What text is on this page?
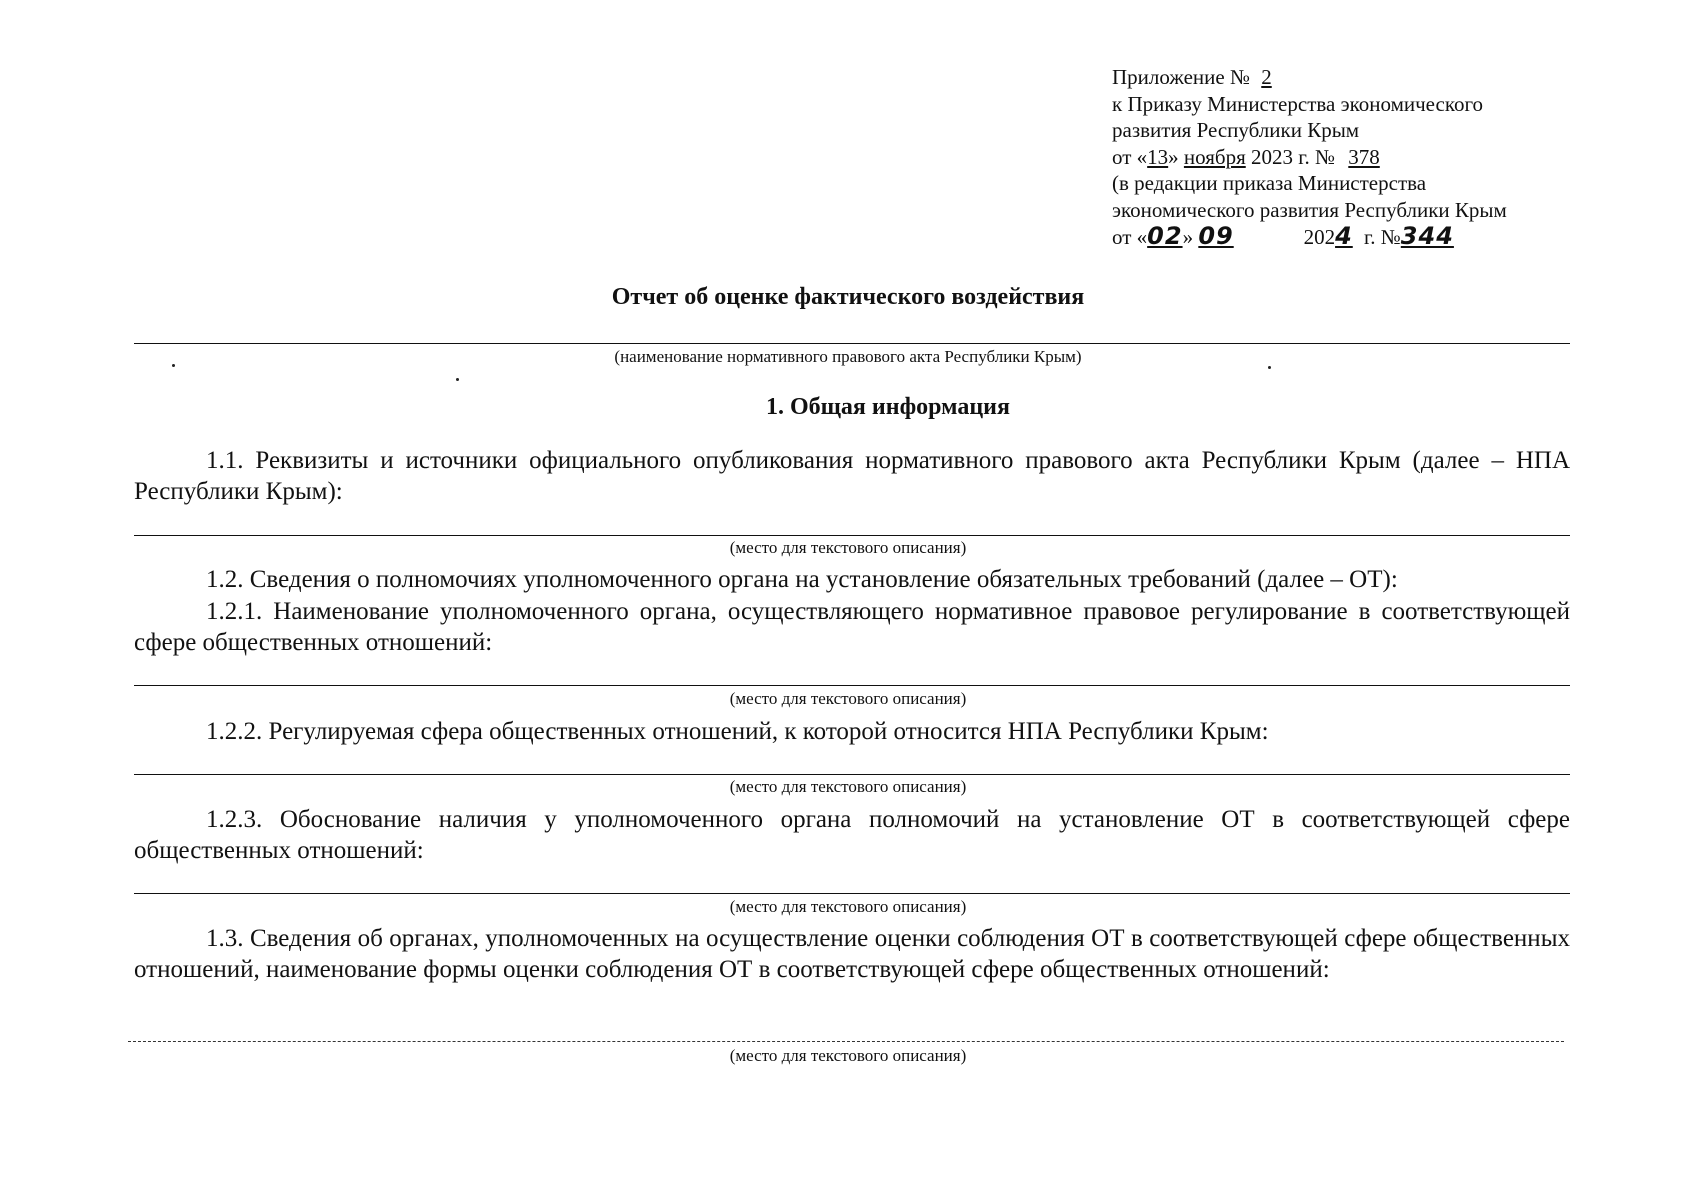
Приложение № 2
к Приказу Министерства экономического
развития Республики Крым
от «13» ноября 2023 г. № 378
(в редакции приказа Министерства
экономического развития Республики Крым
от «02» 09	2024 г. №344
Отчет об оценке фактического воздействия
(наименование нормативного правового акта Республики Крым)
1. Общая информация
1.1. Реквизиты и источники официального опубликования нормативного правового акта Республики Крым (далее – НПА Республики Крым):
(место для текстового описания)
1.2. Сведения о полномочиях уполномоченного органа на установление обязательных требований (далее – ОТ):
1.2.1. Наименование уполномоченного органа, осуществляющего нормативное правовое регулирование в соответствующей сфере общественных отношений:
(место для текстового описания)
1.2.2. Регулируемая сфера общественных отношений, к которой относится НПА Республики Крым:
(место для текстового описания)
1.2.3. Обоснование наличия у уполномоченного органа полномочий на установление ОТ в соответствующей сфере общественных отношений:
(место для текстового описания)
1.3. Сведения об органах, уполномоченных на осуществление оценки соблюдения ОТ в соответствующей сфере общественных отношений, наименование формы оценки соблюдения ОТ в соответствующей сфере общественных отношений:
(место для текстового описания)
